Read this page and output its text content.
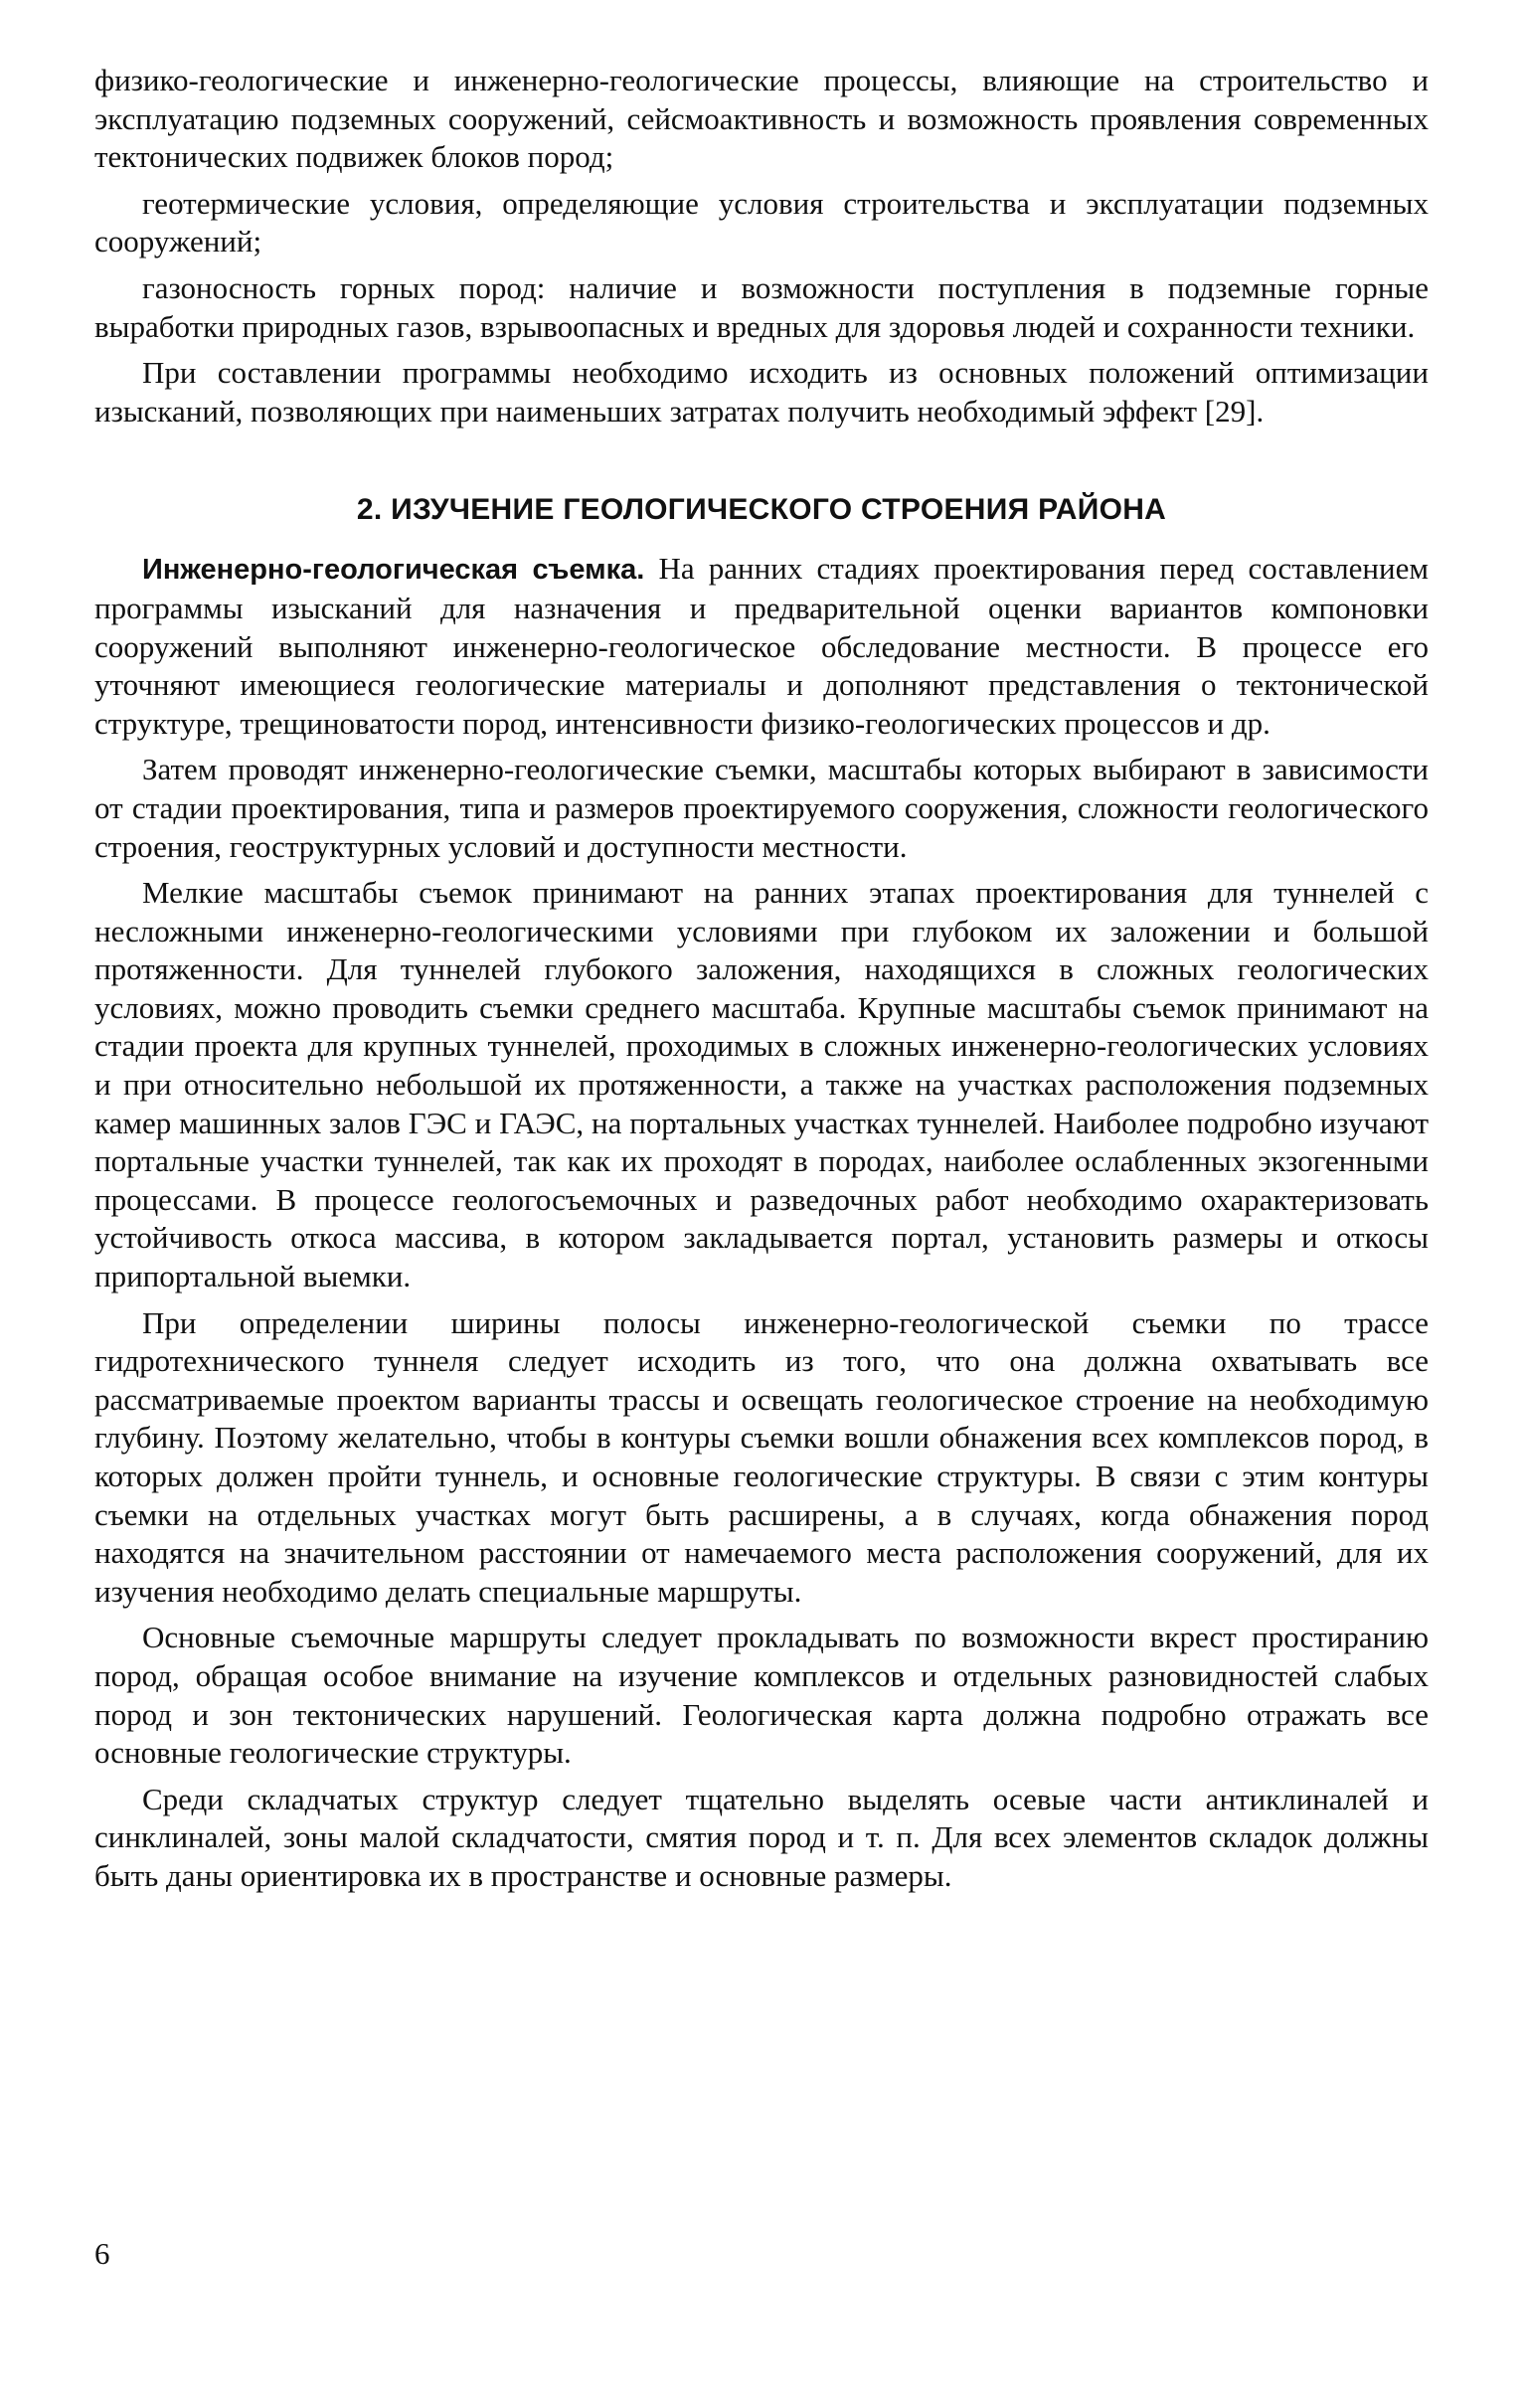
физико-геологические и инженерно-геологические процессы, влияющие на строительство и эксплуатацию подземных сооружений, сейсмоактивность и возможность проявления современных тектонических подвижек блоков пород;

геотермические условия, определяющие условия строительства и эксплуатации подземных сооружений;

газоносность горных пород: наличие и возможности поступления в подземные горные выработки природных газов, взрывоопасных и вредных для здоровья людей и сохранности техники.

При составлении программы необходимо исходить из основных положений оптимизации изысканий, позволяющих при наименьших затратах получить необходимый эффект [29].

2. ИЗУЧЕНИЕ ГЕОЛОГИЧЕСКОГО СТРОЕНИЯ РАЙОНА

Инженерно-геологическая съемка. На ранних стадиях проектирования перед составлением программы изысканий для назначения и предварительной оценки вариантов компоновки сооружений выполняют инженерно-геологическое обследование местности. В процессе его уточняют имеющиеся геологические материалы и дополняют представления о тектонической структуре, трещиноватости пород, интенсивности физико-геологических процессов и др.

Затем проводят инженерно-геологические съемки, масштабы которых выбирают в зависимости от стадии проектирования, типа и размеров проектируемого сооружения, сложности геологического строения, геоструктурных условий и доступности местности.

Мелкие масштабы съемок принимают на ранних этапах проектирования для туннелей с несложными инженерно-геологическими условиями при глубоком их заложении и большой протяженности. Для туннелей глубокого заложения, находящихся в сложных геологических условиях, можно проводить съемки среднего масштаба. Крупные масштабы съемок принимают на стадии проекта для крупных туннелей, проходимых в сложных инженерно-геологических условиях и при относительно небольшой их протяженности, а также на участках расположения подземных камер машинных залов ГЭС и ГАЭС, на портальных участках туннелей. Наиболее подробно изучают портальные участки туннелей, так как их проходят в породах, наиболее ослабленных экзогенными процессами. В процессе геологосъемочных и разведочных работ необходимо охарактеризовать устойчивость откоса массива, в котором закладывается портал, установить размеры и откосы припортальной выемки.

При определении ширины полосы инженерно-геологической съемки по трассе гидротехнического туннеля следует исходить из того, что она должна охватывать все рассматриваемые проектом варианты трассы и освещать геологическое строение на необходимую глубину. Поэтому желательно, чтобы в контуры съемки вошли обнажения всех комплексов пород, в которых должен пройти туннель, и основные геологические структуры. В связи с этим контуры съемки на отдельных участках могут быть расширены, а в случаях, когда обнажения пород находятся на значительном расстоянии от намечаемого места расположения сооружений, для их изучения необходимо делать специальные маршруты.

Основные съемочные маршруты следует прокладывать по возможности вкрест простиранию пород, обращая особое внимание на изучение комплексов и отдельных разновидностей слабых пород и зон тектонических нарушений. Геологическая карта должна подробно отражать все основные геологические структуры.

Среди складчатых структур следует тщательно выделять осевые части антиклиналей и синклиналей, зоны малой складчатости, смятия пород и т. п. Для всех элементов складок должны быть даны ориентировка их в пространстве и основные размеры.

6
